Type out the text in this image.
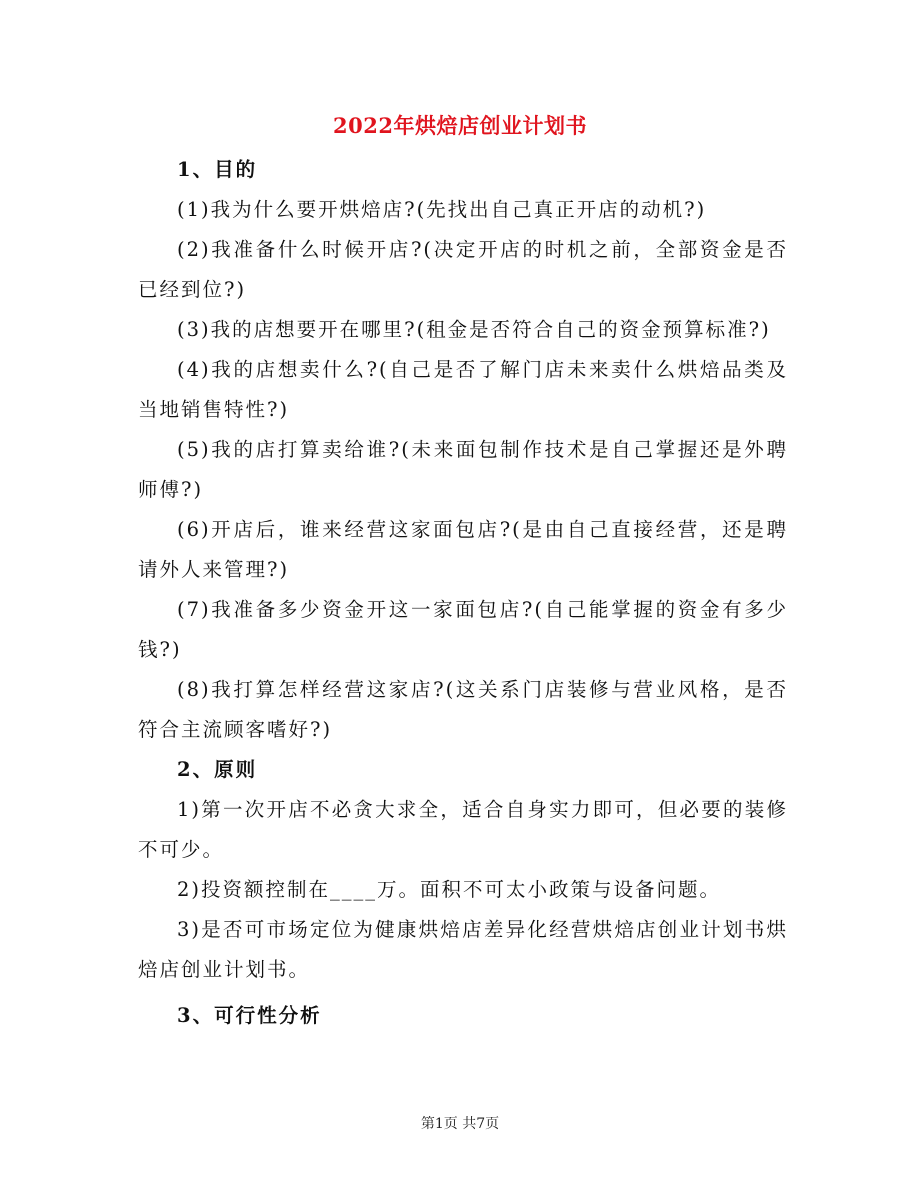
2022年烘焙店创业计划书

1、目的

(1)我为什么要开烘焙店?(先找出自己真正开店的动机?)

(2)我准备什么时候开店?(决定开店的时机之前，全部资金是否已经到位?)

(3)我的店想要开在哪里?(租金是否符合自己的资金预算标准?)

(4)我的店想卖什么?(自己是否了解门店未来卖什么烘焙品类及当地销售特性?)

(5)我的店打算卖给谁?(未来面包制作技术是自己掌握还是外聘师傅?)

(6)开店后，谁来经营这家面包店?(是由自己直接经营，还是聘请外人来管理?)

(7)我准备多少资金开这一家面包店?(自己能掌握的资金有多少钱?)

(8)我打算怎样经营这家店?(这关系门店装修与营业风格，是否符合主流顾客嗜好?)

2、原则

1)第一次开店不必贪大求全，适合自身实力即可，但必要的装修不可少。

2)投资额控制在____万。面积不可太小政策与设备问题。

3)是否可市场定位为健康烘焙店差异化经营烘焙店创业计划书烘焙店创业计划书。

3、可行性分析

第1页 共7页
